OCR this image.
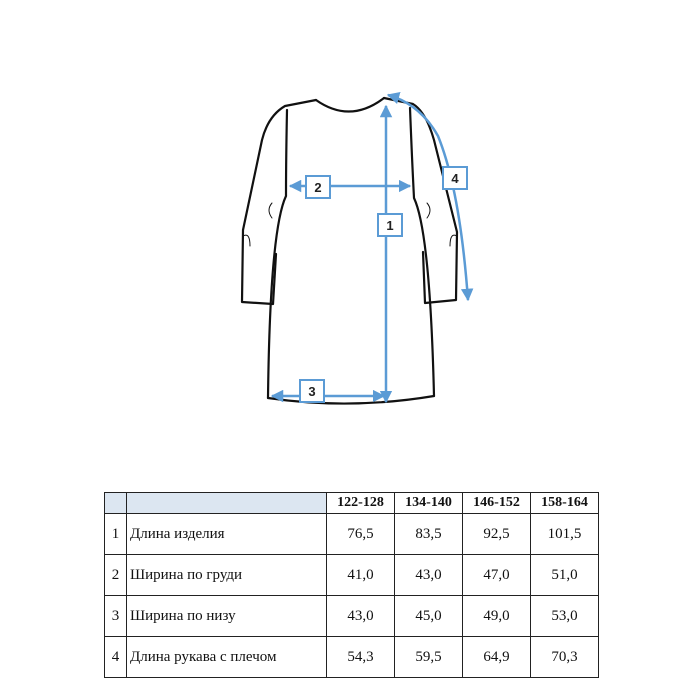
1
2
3
4
		122-128	134-140	146-152	158-164
1	Длина изделия	76,5	83,5	92,5	101,5
2	Ширина по груди	41,0	43,0	47,0	51,0
3	Ширина по низу	43,0	45,0	49,0	53,0
4	Длина рукава с плечом	54,3	59,5	64,9	70,3
